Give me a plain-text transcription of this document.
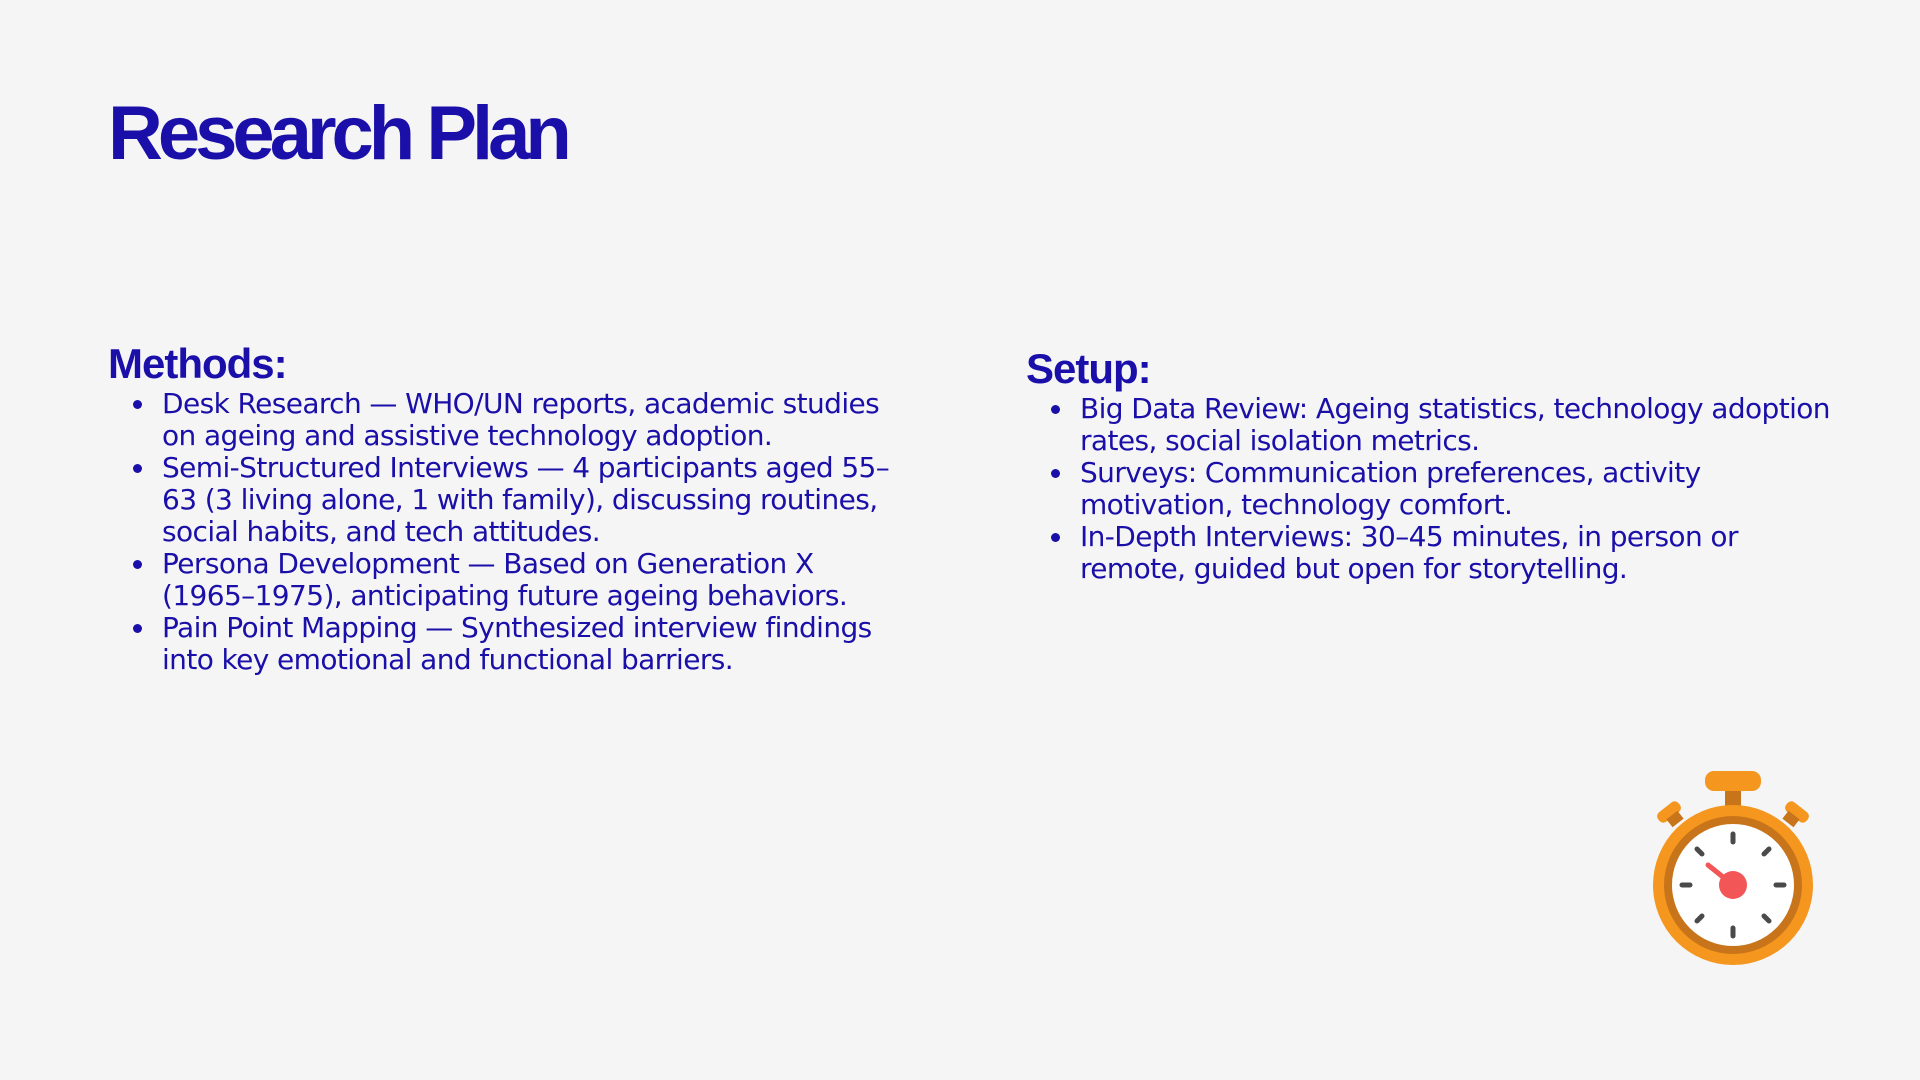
Research Plan
Methods:
Desk Research — WHO/UN reports, academic studies on ageing and assistive technology adoption.
Semi-Structured Interviews — 4 participants aged 55–63 (3 living alone, 1 with family), discussing routines, social habits, and tech attitudes.
Persona Development — Based on Generation X (1965–1975), anticipating future ageing behaviors.
Pain Point Mapping — Synthesized interview findings into key emotional and functional barriers.
Setup:
Big Data Review: Ageing statistics, technology adoption rates, social isolation metrics.
Surveys: Communication preferences, activity motivation, technology comfort.
In-Depth Interviews: 30–45 minutes, in person or remote, guided but open for storytelling.
